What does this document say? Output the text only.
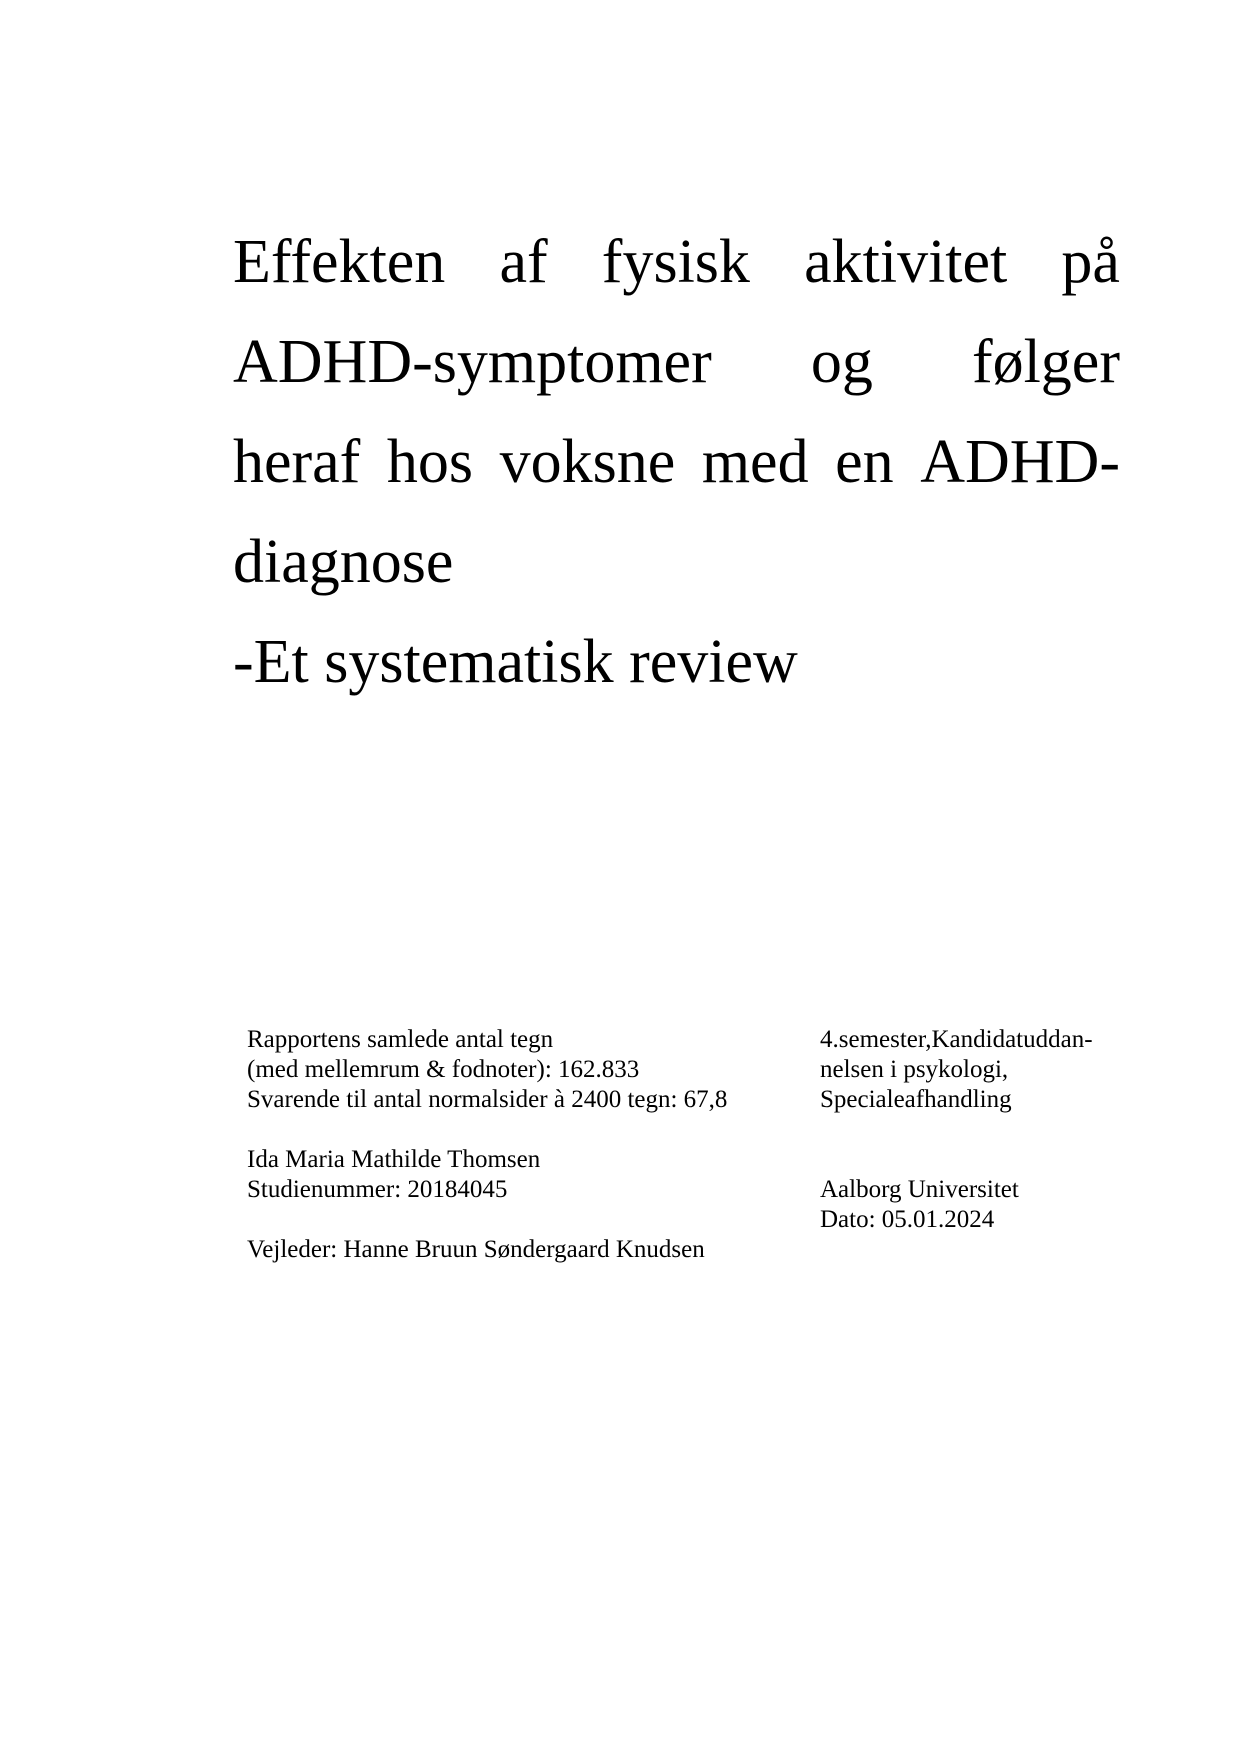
Effekten af fysisk aktivitet på
ADHD-symptomer og følger
heraf hos voksne med en ADHD-
diagnose
-Et systematisk review
Rapportens samlede antal tegn
(med mellemrum & fodnoter): 162.833
Svarende til antal normalsider à 2400 tegn: 67,8
Ida Maria Mathilde Thomsen
Studienummer: 20184045
Vejleder: Hanne Bruun Søndergaard Knudsen
4.semester,Kandidatuddan-
nelsen i psykologi,
Specialeafhandling
Aalborg Universitet
Dato: 05.01.2024
